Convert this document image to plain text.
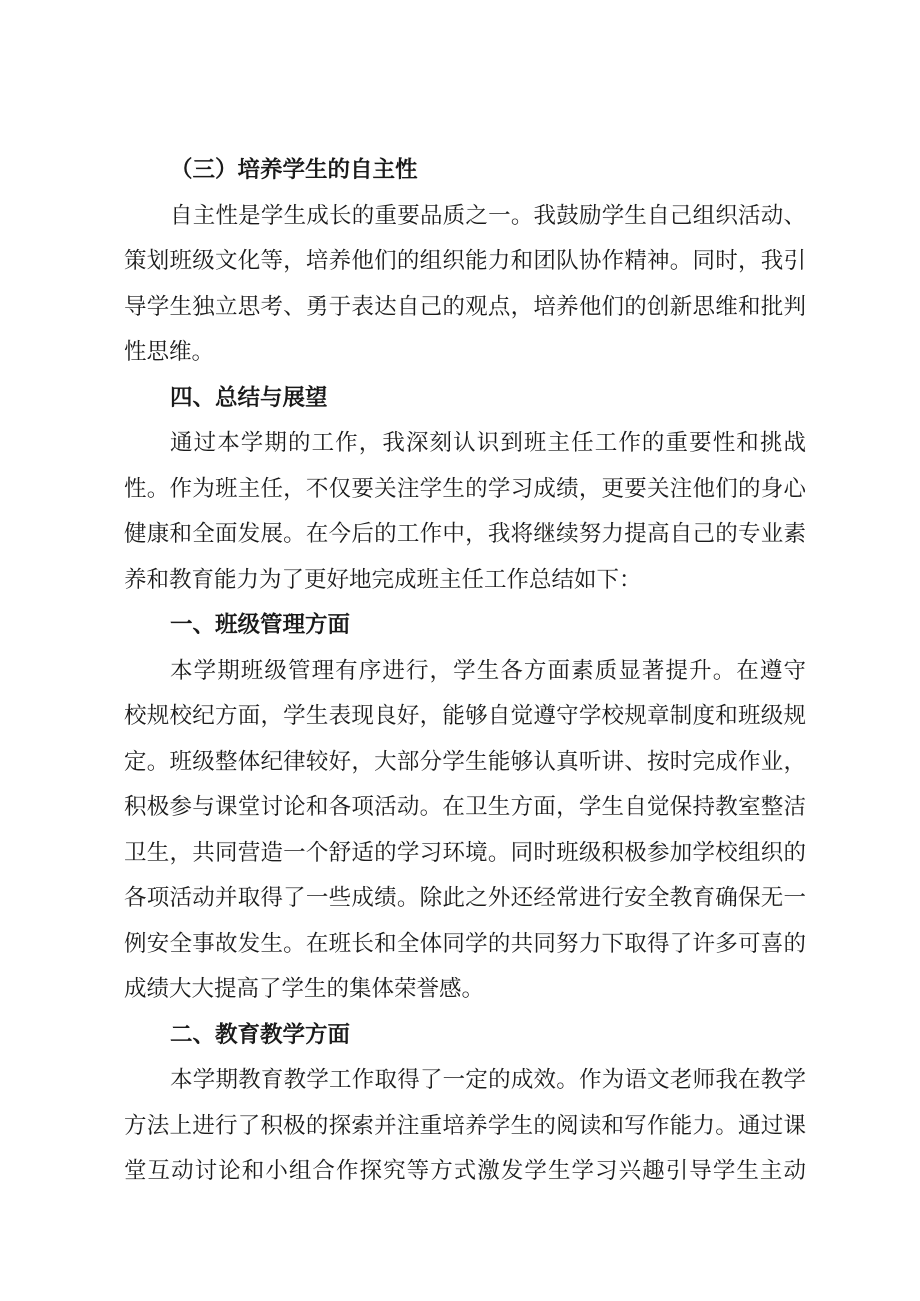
（三）培养学生的自主性
自主性是学生成长的重要品质之一。我鼓励学生自己组织活动、
策划班级文化等，培养他们的组织能力和团队协作精神。同时，我引
导学生独立思考、勇于表达自己的观点，培养他们的创新思维和批判
性思维。
四、总结与展望
通过本学期的工作，我深刻认识到班主任工作的重要性和挑战
性。作为班主任，不仅要关注学生的学习成绩，更要关注他们的身心
健康和全面发展。在今后的工作中，我将继续努力提高自己的专业素
养和教育能力为了更好地完成班主任工作总结如下：
一、班级管理方面
本学期班级管理有序进行，学生各方面素质显著提升。在遵守
校规校纪方面，学生表现良好，能够自觉遵守学校规章制度和班级规
定。班级整体纪律较好，大部分学生能够认真听讲、按时完成作业，
积极参与课堂讨论和各项活动。在卫生方面，学生自觉保持教室整洁
卫生，共同营造一个舒适的学习环境。同时班级积极参加学校组织的
各项活动并取得了一些成绩。除此之外还经常进行安全教育确保无一
例安全事故发生。在班长和全体同学的共同努力下取得了许多可喜的
成绩大大提高了学生的集体荣誉感。
二、教育教学方面
本学期教育教学工作取得了一定的成效。作为语文老师我在教学
方法上进行了积极的探索并注重培养学生的阅读和写作能力。通过课
堂互动讨论和小组合作探究等方式激发学生学习兴趣引导学生主动
